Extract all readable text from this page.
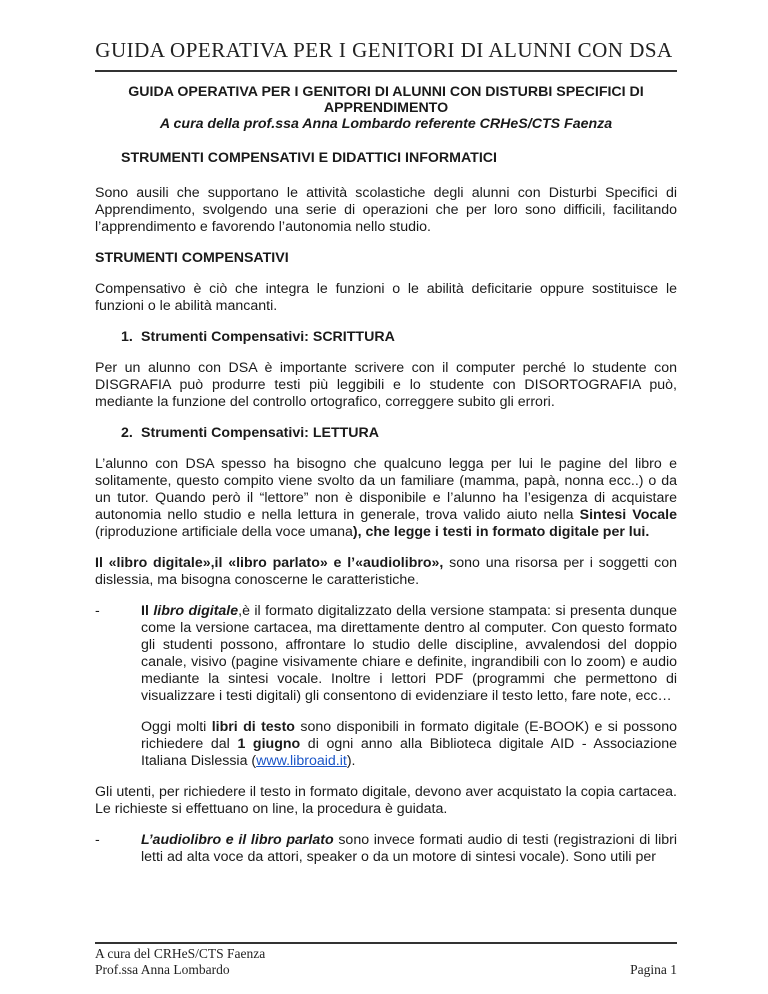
GUIDA OPERATIVA PER I GENITORI DI ALUNNI CON DSA
GUIDA OPERATIVA PER I GENITORI DI ALUNNI CON DISTURBI SPECIFICI DI
APPRENDIMENTO
A cura della prof.ssa Anna Lombardo referente CRHeS/CTS Faenza
STRUMENTI COMPENSATIVI E DIDATTICI INFORMATICI

Sono ausili che supportano le attività scolastiche degli alunni con Disturbi Specifici di Apprendimento, svolgendo una serie di operazioni che per loro sono difficili, facilitando l’apprendimento e favorendo l’autonomia nello studio.

STRUMENTI COMPENSATIVI

Compensativo è ciò che integra le funzioni o le abilità deficitarie oppure sostituisce le funzioni o le abilità mancanti.

1. Strumenti Compensativi: SCRITTURA

Per un alunno con DSA è importante scrivere con il computer perché lo studente con DISGRAFIA può produrre testi più leggibili e lo studente con DISORTOGRAFIA può, mediante la funzione del controllo ortografico, correggere subito gli errori.

2. Strumenti Compensativi: LETTURA

L’alunno con DSA spesso ha bisogno che qualcuno legga per lui le pagine del libro e solitamente, questo compito viene svolto da un familiare (mamma, papà, nonna ecc..) o da un tutor. Quando però il “lettore” non è disponibile e l’alunno ha l’esigenza di acquistare autonomia nello studio e nella lettura in generale, trova valido aiuto nella Sintesi Vocale (riproduzione artificiale della voce umana), che legge i testi in formato digitale per lui.

Il «libro digitale»,il «libro parlato» e l’«audiolibro», sono una risorsa per i soggetti con dislessia, ma bisogna conoscerne le caratteristiche.

-	Il libro digitale,è il formato digitalizzato della versione stampata: si presenta dunque come la versione cartacea, ma direttamente dentro al computer. Con questo formato gli studenti possono, affrontare lo studio delle discipline, avvalendosi del doppio canale, visivo (pagine visivamente chiare e definite, ingrandibili con lo zoom) e audio mediante la sintesi vocale. Inoltre i lettori PDF (programmi che permettono di visualizzare i testi digitali) gli consentono di evidenziare il testo letto, fare note, ecc…
Oggi molti libri di testo sono disponibili in formato digitale (E-BOOK) e si possono richiedere dal 1 giugno di ogni anno alla Biblioteca digitale AID - Associazione Italiana Dislessia (www.libroaid.it).

Gli utenti, per richiedere il testo in formato digitale, devono aver acquistato la copia cartacea. Le richieste si effettuano on line, la procedura è guidata.

-	L’audiolibro e il libro parlato sono invece formati audio di testi (registrazioni di libri letti ad alta voce da attori, speaker o da un motore di sintesi vocale). Sono utili per
A cura del CRHeS/CTS Faenza
Prof.ssa Anna Lombardo	Pagina 1
